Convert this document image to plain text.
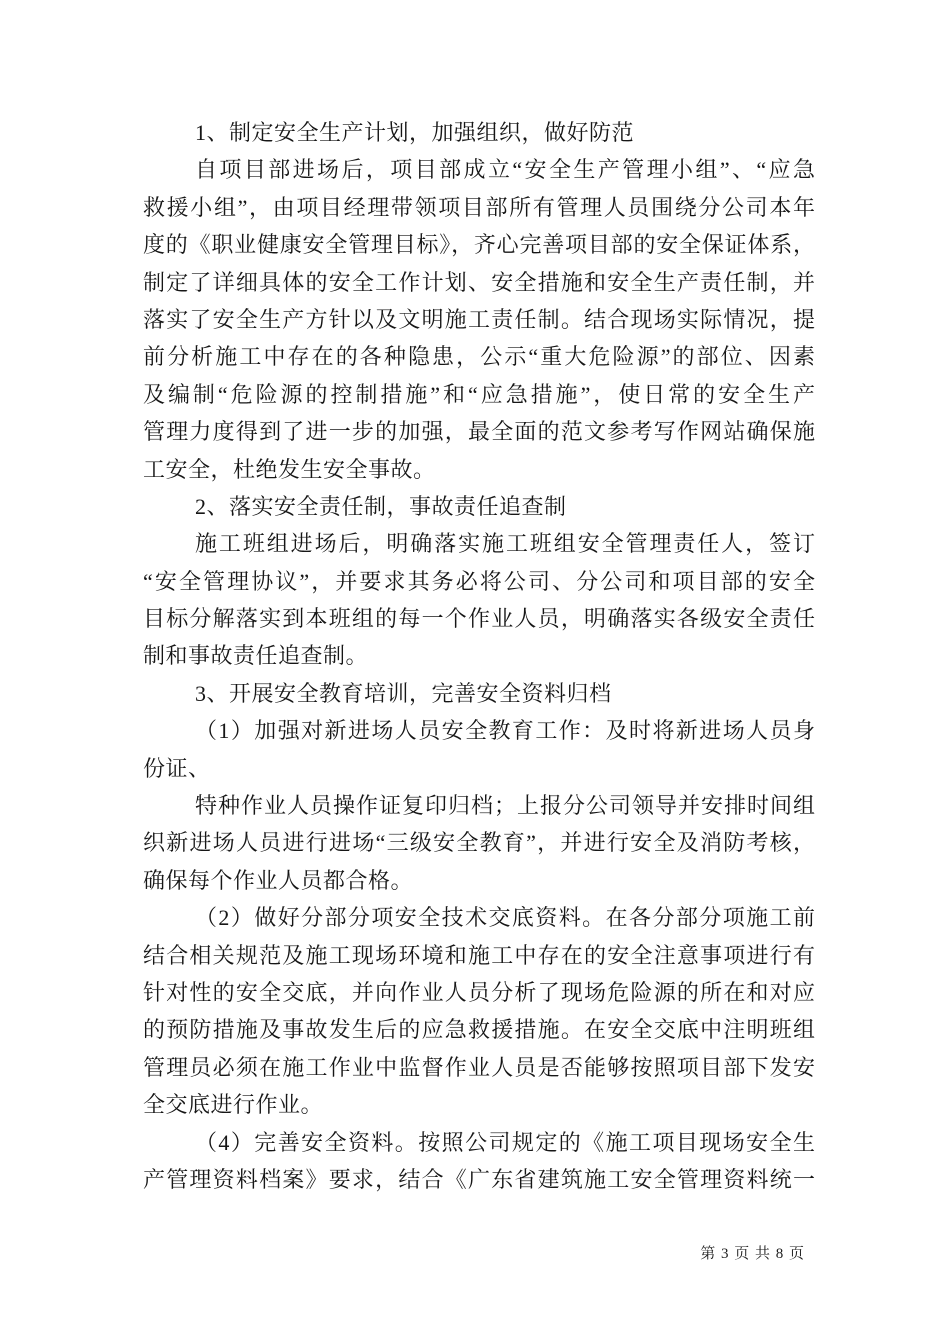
1、制定安全生产计划，加强组织，做好防范
自项目部进场后，项目部成立“安全生产管理小组”、“应急
救援小组”，由项目经理带领项目部所有管理人员围绕分公司本年
度的《职业健康安全管理目标》，齐心完善项目部的安全保证体系，
制定了详细具体的安全工作计划、安全措施和安全生产责任制，并
落实了安全生产方针以及文明施工责任制。结合现场实际情况，提
前分析施工中存在的各种隐患，公示“重大危险源”的部位、因素
及编制“危险源的控制措施”和“应急措施”，使日常的安全生产
管理力度得到了进一步的加强，最全面的范文参考写作网站确保施
工安全，杜绝发生安全事故。
2、落实安全责任制，事故责任追查制
施工班组进场后，明确落实施工班组安全管理责任人，签订
“安全管理协议”，并要求其务必将公司、分公司和项目部的安全
目标分解落实到本班组的每一个作业人员，明确落实各级安全责任
制和事故责任追查制。
3、开展安全教育培训，完善安全资料归档
（1）加强对新进场人员安全教育工作：及时将新进场人员身
份证、
特种作业人员操作证复印归档；上报分公司领导并安排时间组
织新进场人员进行进场“三级安全教育”，并进行安全及消防考核，
确保每个作业人员都合格。
（2）做好分部分项安全技术交底资料。在各分部分项施工前
结合相关规范及施工现场环境和施工中存在的安全注意事项进行有
针对性的安全交底，并向作业人员分析了现场危险源的所在和对应
的预防措施及事故发生后的应急救援措施。在安全交底中注明班组
管理员必须在施工作业中监督作业人员是否能够按照项目部下发安
全交底进行作业。
（4）完善安全资料。按照公司规定的《施工项目现场安全生
产管理资料档案》要求，结合《广东省建筑施工安全管理资料统一
第 3 页 共 8 页
